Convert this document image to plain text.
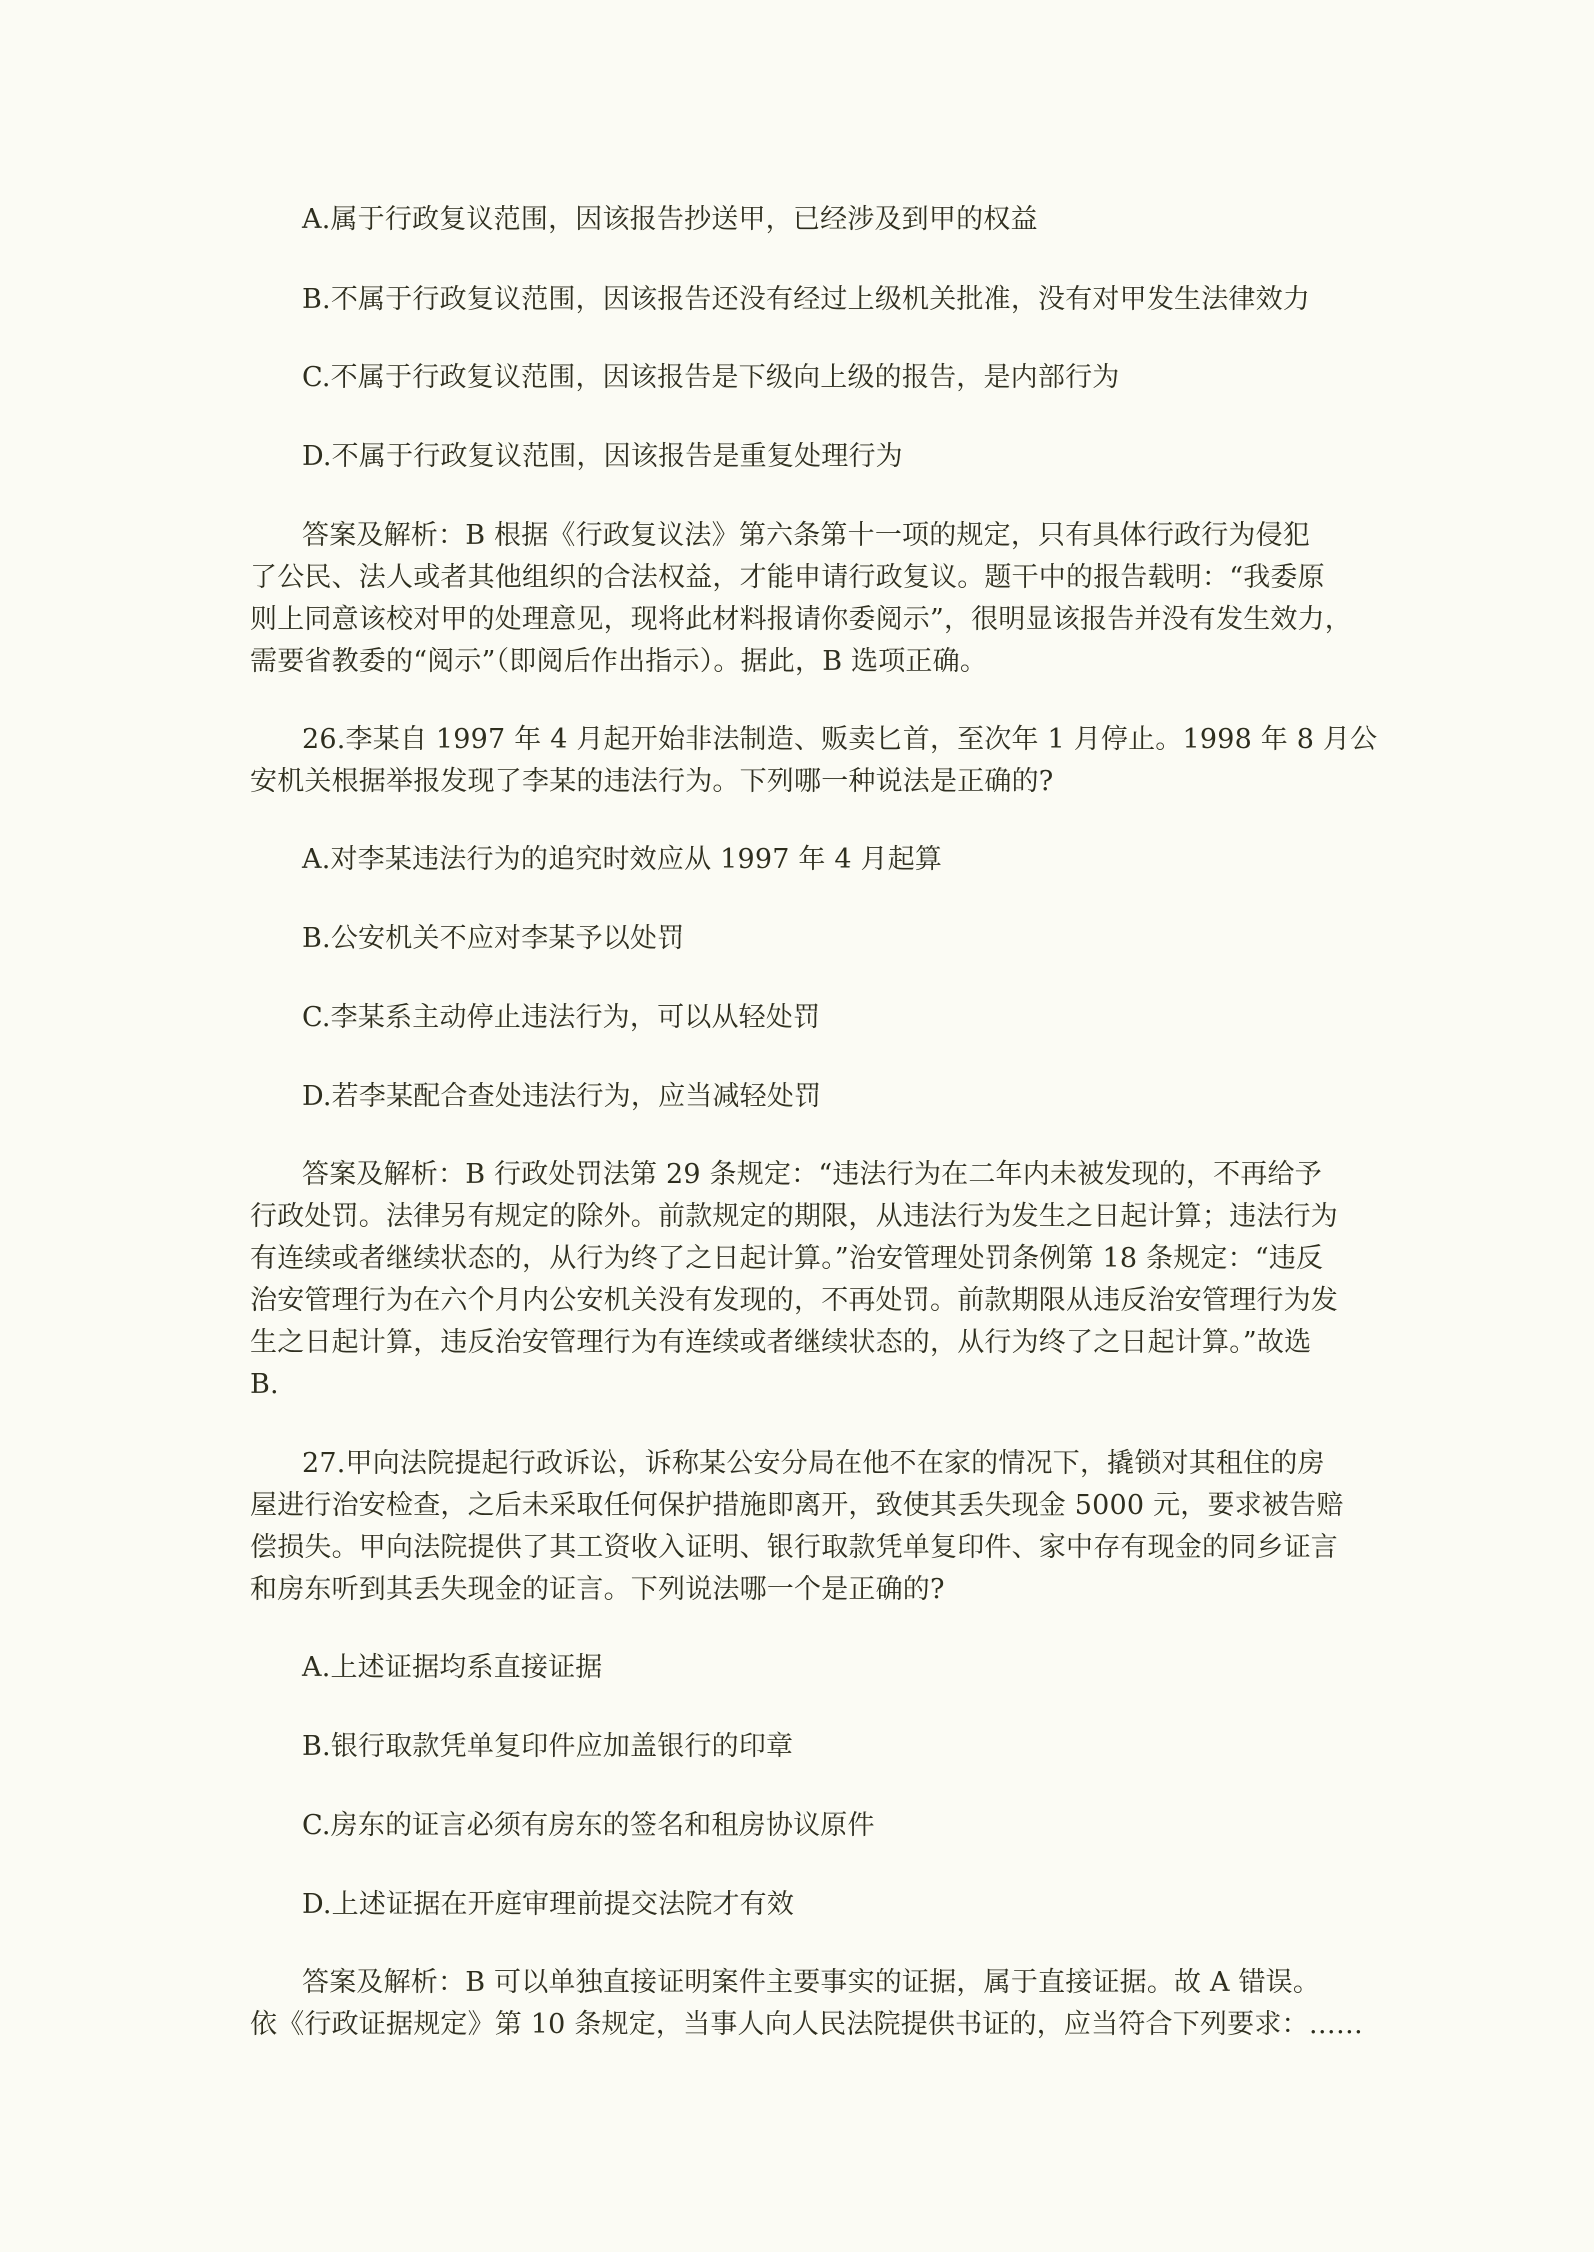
A.属于行政复议范围，因该报告抄送甲，已经涉及到甲的权益
B.不属于行政复议范围，因该报告还没有经过上级机关批准，没有对甲发生法律效力
C.不属于行政复议范围，因该报告是下级向上级的报告，是内部行为
D.不属于行政复议范围，因该报告是重复处理行为
答案及解析：B 根据《行政复议法》第六条第十一项的规定，只有具体行政行为侵犯
了公民、法人或者其他组织的合法权益，才能申请行政复议。题干中的报告载明：“我委原
则上同意该校对甲的处理意见，现将此材料报请你委阅示”，很明显该报告并没有发生效力，
需要省教委的“阅示”（即阅后作出指示）。据此，B 选项正确。
26.李某自 1997 年 4 月起开始非法制造、贩卖匕首，至次年 1 月停止。1998 年 8 月公
安机关根据举报发现了李某的违法行为。下列哪一种说法是正确的?
A.对李某违法行为的追究时效应从 1997 年 4 月起算
B.公安机关不应对李某予以处罚
C.李某系主动停止违法行为，可以从轻处罚
D.若李某配合查处违法行为，应当减轻处罚
答案及解析：B 行政处罚法第 29 条规定：“违法行为在二年内未被发现的，不再给予
行政处罚。法律另有规定的除外。前款规定的期限，从违法行为发生之日起计算；违法行为
有连续或者继续状态的，从行为终了之日起计算。”治安管理处罚条例第 18 条规定：“违反
治安管理行为在六个月内公安机关没有发现的，不再处罚。前款期限从违反治安管理行为发
生之日起计算，违反治安管理行为有连续或者继续状态的，从行为终了之日起计算。”故选
B.
27.甲向法院提起行政诉讼，诉称某公安分局在他不在家的情况下，撬锁对其租住的房
屋进行治安检查，之后未采取任何保护措施即离开，致使其丢失现金 5000 元，要求被告赔
偿损失。甲向法院提供了其工资收入证明、银行取款凭单复印件、家中存有现金的同乡证言
和房东听到其丢失现金的证言。下列说法哪一个是正确的?
A.上述证据均系直接证据
B.银行取款凭单复印件应加盖银行的印章
C.房东的证言必须有房东的签名和租房协议原件
D.上述证据在开庭审理前提交法院才有效
答案及解析：B 可以单独直接证明案件主要事实的证据，属于直接证据。故 A 错误。
依《行政证据规定》第 10 条规定，当事人向人民法院提供书证的，应当符合下列要求：……
